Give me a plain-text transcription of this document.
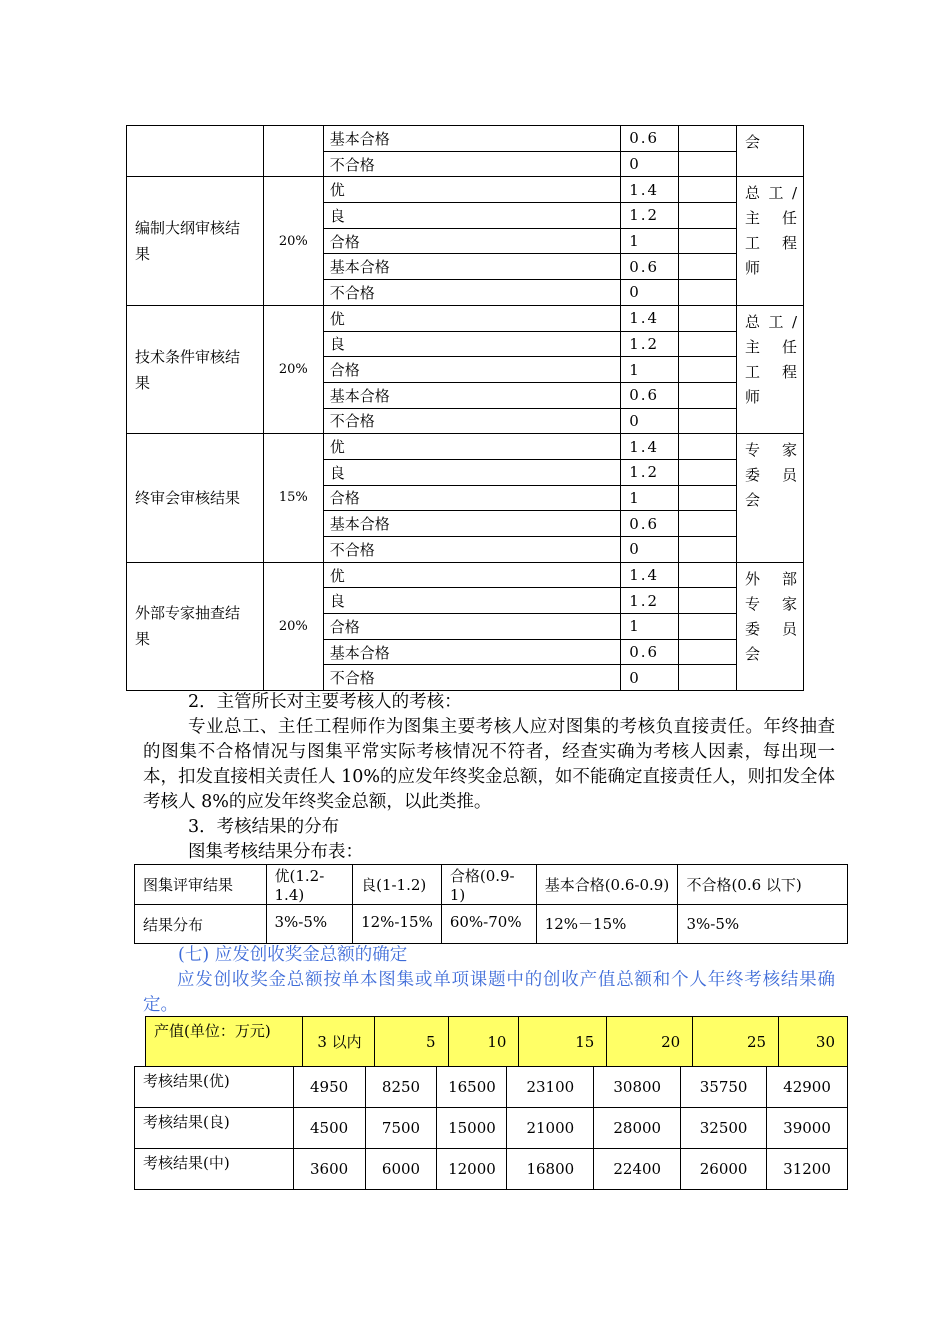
		基本合格	0.6		会

		不合格	0		
编制大纲审核结果	20%	优	1.4		总工/
主 任
工 程
师

		良	1.2		
		合格	1		
		基本合格	0.6		
		不合格	0		
技术条件审核结果	20%	优	1.4		总工/
主 任
工 程
师

		良	1.2		
		合格	1		
		基本合格	0.6		
		不合格	0		
终审会审核结果	15%	优	1.4		专 家
委 员
会

		良	1.2		
		合格	1		
		基本合格	0.6		
		不合格	0		
外部专家抽查结果	20%	优	1.4		外 部
专 家
委 员
会

		良	1.2		
		合格	1		
		基本合格	0.6		
		不合格	0		
2．主管所长对主要考核人的考核：
专业总工、主任工程师作为图集主要考核人应对图集的考核负直接责任。年终抽查的图集不合格情况与图集平常实际考核情况不符者，经查实确为考核人因素，每出现一本，扣发直接相关责任人 10%的应发年终奖金总额，如不能确定直接责任人，则扣发全体考核人 8%的应发年终奖金总额，以此类推。
3．考核结果的分布
图集考核结果分布表：
图集评审结果	优(1.2-1.4)	良(1-1.2)	合格(0.9-1)	基本合格(0.6-0.9)	不合格(0.6 以下)
结果分布	3%-5%	12%-15%	60%-70%	12%－15%	3%-5%
(七) 应发创收奖金总额的确定
应发创收奖金总额按单本图集或单项课题中的创收产值总额和个人年终考核结果确定。
产值(单位：万元)	3 以内	5	10	15	20	25	30
考核结果(优)	4950	8250	16500	23100	30800	35750	42900
考核结果(良)	4500	7500	15000	21000	28000	32500	39000
考核结果(中)	3600	6000	12000	16800	22400	26000	31200
